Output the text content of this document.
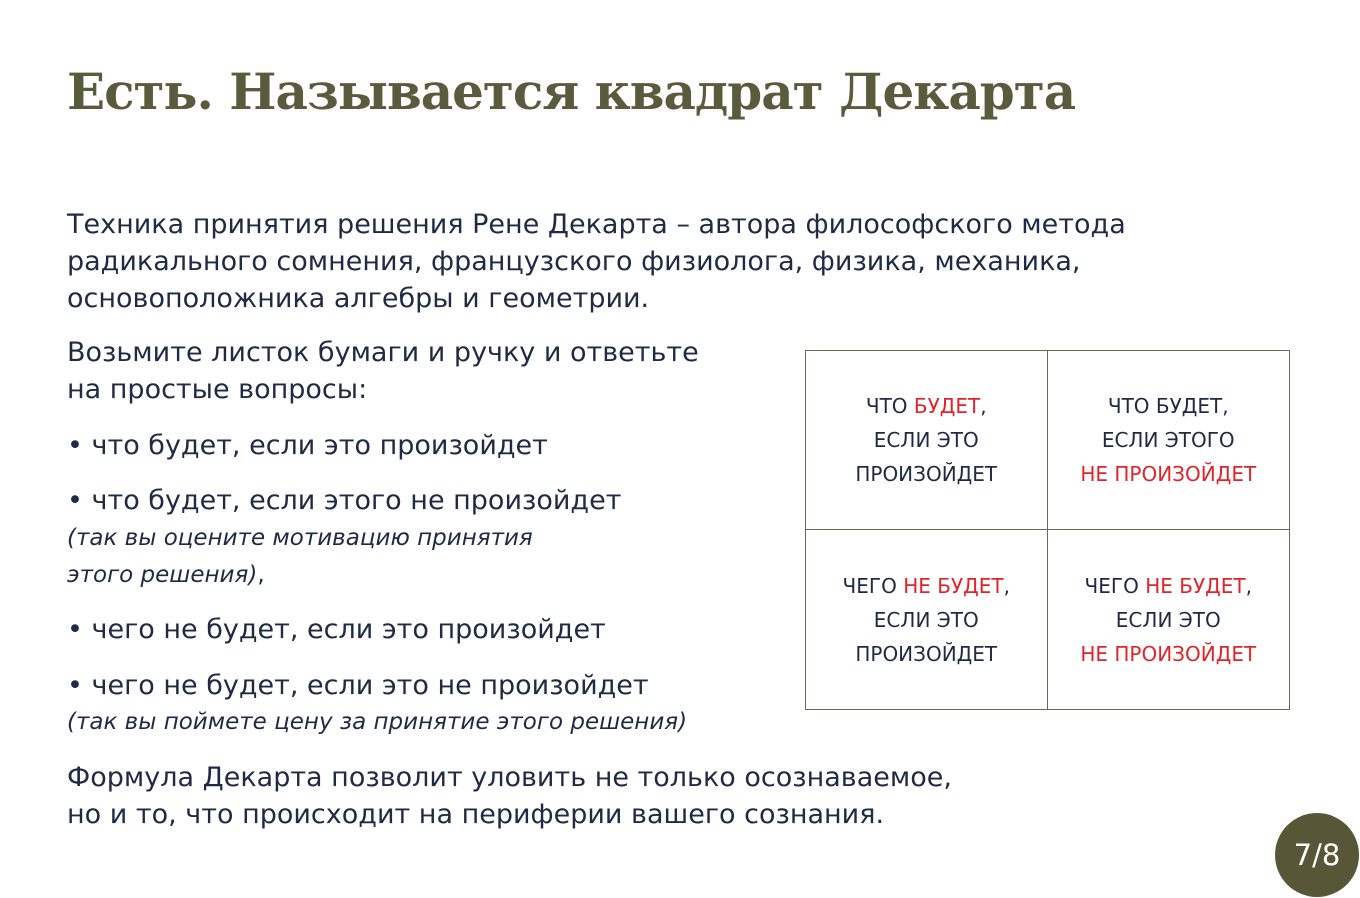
Есть. Называется квадрат Декарта
Техника принятия решения Рене Декарта – автора философского метода
радикального сомнения, французского физиолога, физика, механика,
основоположника алгебры и геометрии.
Возьмите листок бумаги и ручку и ответьте
на простые вопросы:
• что будет, если это произойдет
• что будет, если этого не произойдет
(так вы оцените мотивацию принятия
этого решения),
• чего не будет, если это произойдет
• чего не будет, если это не произойдет
(так вы поймете цену за принятие этого решения)
Формула Декарта позволит уловить не только осознаваемое,
но и то, что происходит на периферии вашего сознания.
ЧТО БУДЕТ,
ЕСЛИ ЭТО
ПРОИЗОЙДЕТ
ЧТО БУДЕТ,
ЕСЛИ ЭТОГО
НЕ ПРОИЗОЙДЕТ
ЧЕГО НЕ БУДЕТ,
ЕСЛИ ЭТО
ПРОИЗОЙДЕТ
ЧЕГО НЕ БУДЕТ,
ЕСЛИ ЭТО
НЕ ПРОИЗОЙДЕТ
7/8
